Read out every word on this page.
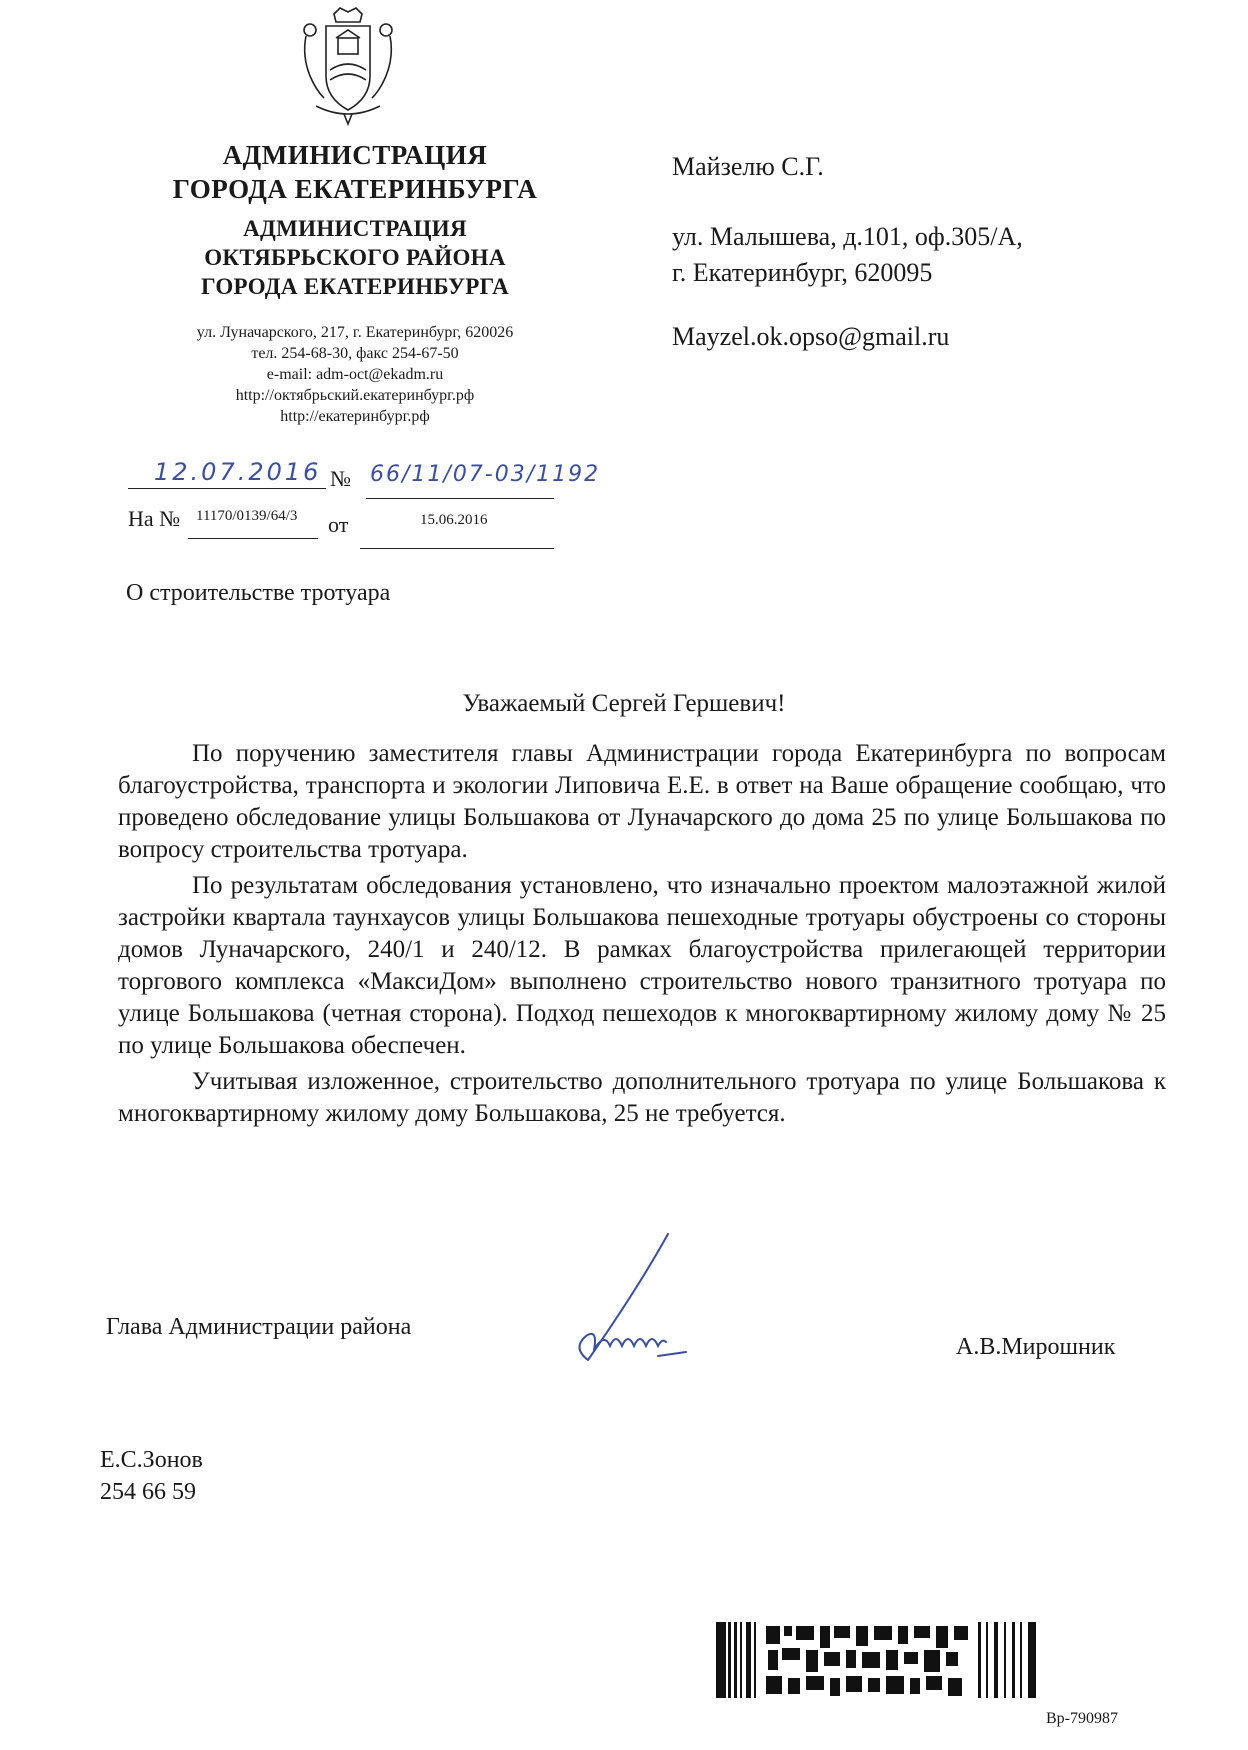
АДМИНИСТРАЦИЯ
ГОРОДА ЕКАТЕРИНБУРГА
АДМИНИСТРАЦИЯ
ОКТЯБРЬСКОГО РАЙОНА
ГОРОДА ЕКАТЕРИНБУРГА
ул. Луначарского, 217, г. Екатеринбург, 620026
тел. 254-68-30, факс 254-67-50
e-mail: adm-oct@ekadm.ru
http://октябрьский.екатеринбург.рф
http://екатеринбург.рф
12.07.2016 № 66/11/07-03/1192
На № 11170/0139/64/3 от	15.06.2016
Майзелю С.Г.
ул. Малышева, д.101, оф.305/А,
г. Екатеринбург, 620095
Mayzel.ok.opso@gmail.ru
О строительстве тротуара
Уважаемый Сергей Гершевич!

По поручению заместителя главы Администрации города Екатеринбурга по вопросам благоустройства, транспорта и экологии Липовича Е.Е. в ответ на Ваше обращение сообщаю, что проведено обследование улицы Большакова от Луначарского до дома 25 по улице Большакова по вопросу строительства тротуара.

По результатам обследования установлено, что изначально проектом малоэтажной жилой застройки квартала таунхаусов улицы Большакова пешеходные тротуары обустроены со стороны домов Луначарского, 240/1 и 240/12. В рамках благоустройства прилегающей территории торгового комплекса «МаксиДом» выполнено строительство нового транзитного тротуара по улице Большакова (четная сторона). Подход пешеходов к многоквартирному жилому дому № 25 по улице Большакова обеспечен.

Учитывая изложенное, строительство дополнительного тротуара по улице Большакова к многоквартирному жилому дому Большакова, 25 не требуется.

Глава Администрации района
А.В.Мирошник
Е.С.Зонов
254 66 59
Вр-790987
